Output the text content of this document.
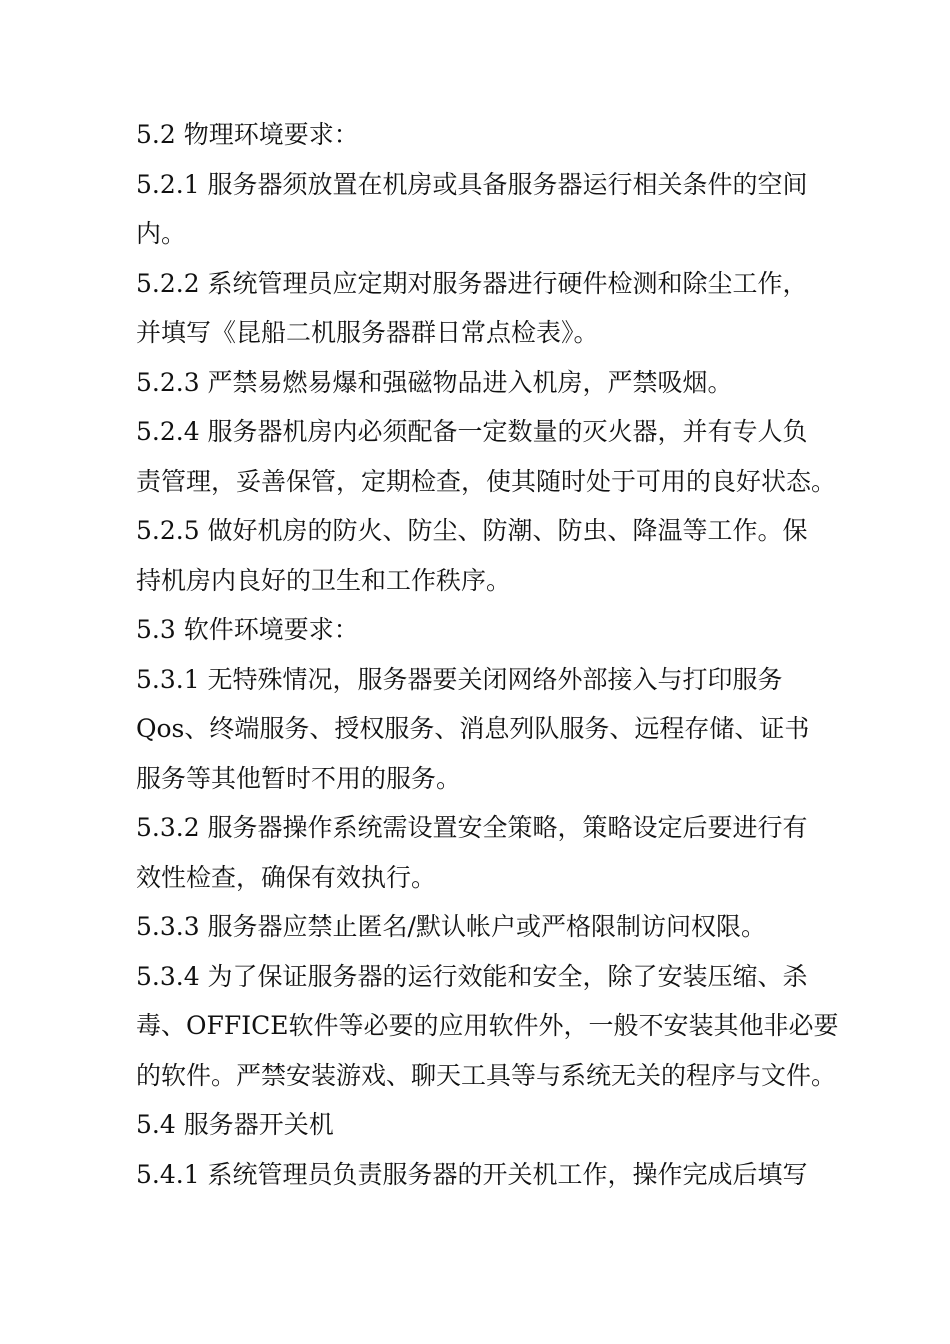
5.2 物理环境要求：
5.2.1 服务器须放置在机房或具备服务器运行相关条件的空间
内。
5.2.2 系统管理员应定期对服务器进行硬件检测和除尘工作，
并填写《昆船二机服务器群日常点检表》。
5.2.3 严禁易燃易爆和强磁物品进入机房，严禁吸烟。
5.2.4 服务器机房内必须配备一定数量的灭火器，并有专人负
责管理，妥善保管，定期检查，使其随时处于可用的良好状态。
5.2.5 做好机房的防火、防尘、防潮、防虫、降温等工作。保
持机房内良好的卫生和工作秩序。
5.3 软件环境要求：
5.3.1 无特殊情况，服务器要关闭网络外部接入与打印服务
Qos、终端服务、授权服务、消息列队服务、远程存储、证书
服务等其他暂时不用的服务。
5.3.2 服务器操作系统需设置安全策略，策略设定后要进行有
效性检查，确保有效执行。
5.3.3 服务器应禁止匿名/默认帐户或严格限制访问权限。
5.3.4 为了保证服务器的运行效能和安全，除了安装压缩、杀
毒、OFFICE软件等必要的应用软件外，一般不安装其他非必要
的软件。严禁安装游戏、聊天工具等与系统无关的程序与文件。
5.4 服务器开关机
5.4.1 系统管理员负责服务器的开关机工作，操作完成后填写
